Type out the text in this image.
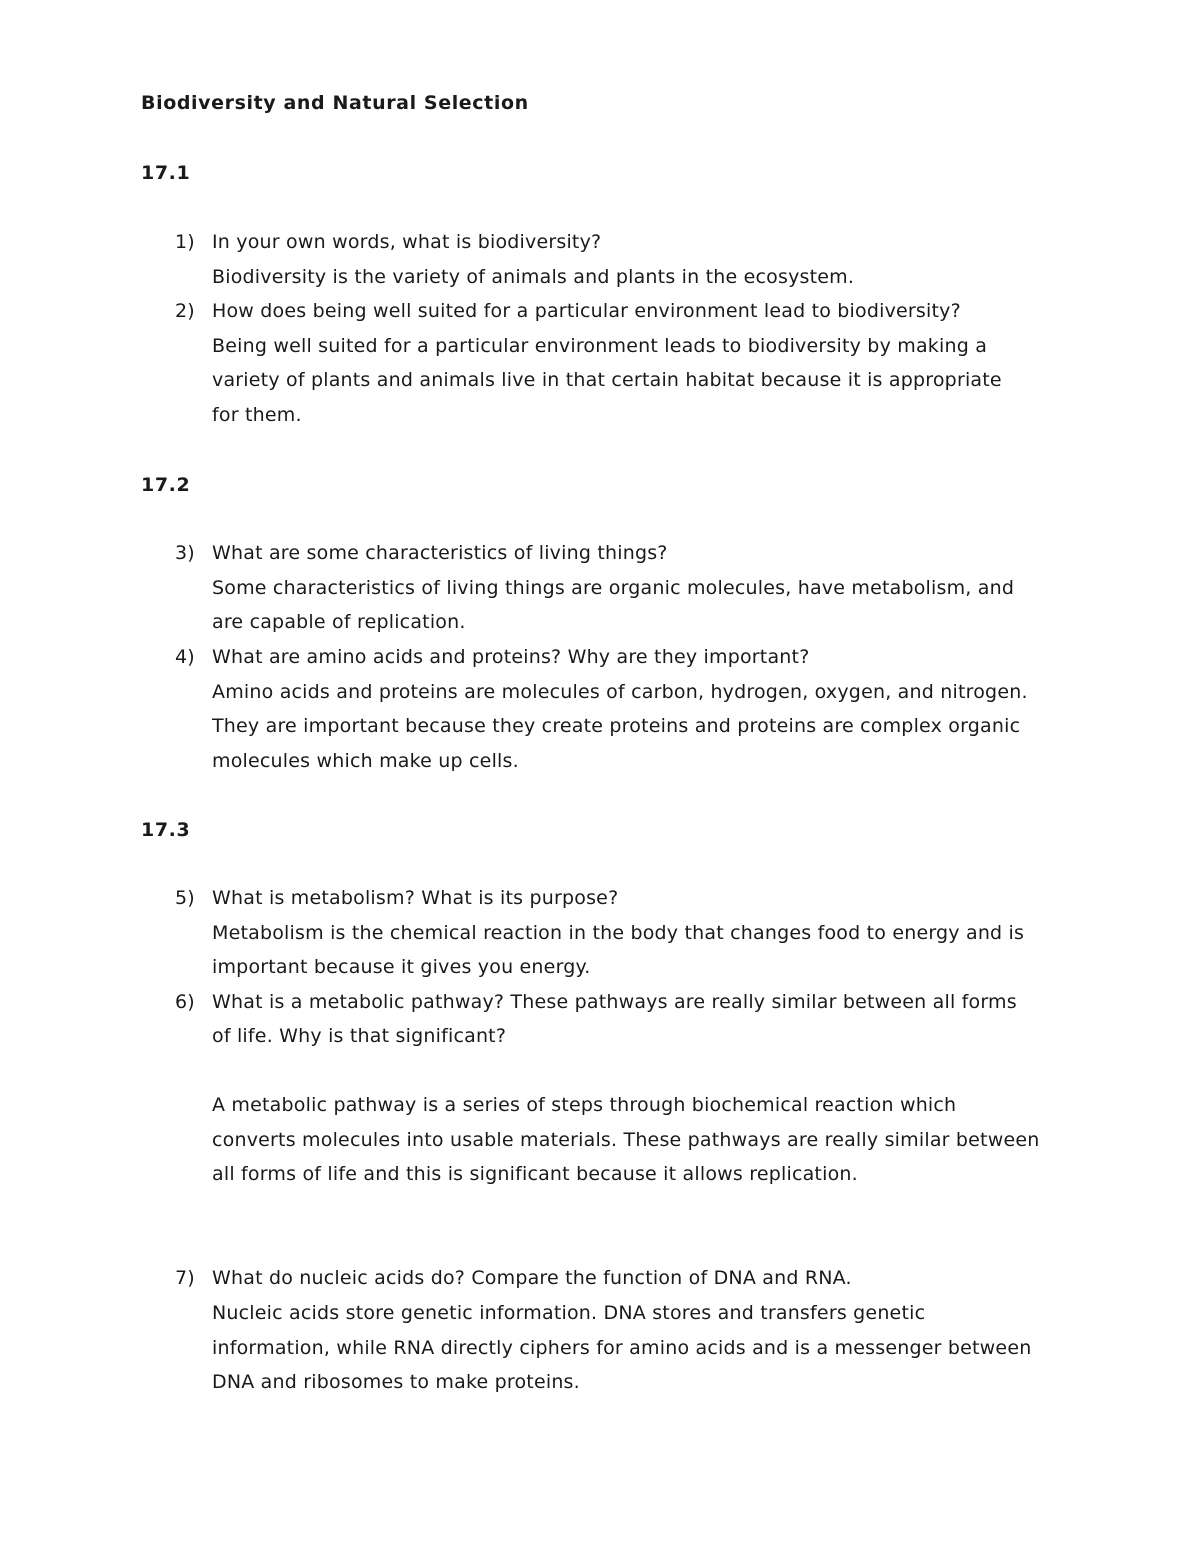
Biodiversity and Natural Selection
17.1
1) In your own words, what is biodiversity?
Biodiversity is the variety of animals and plants in the ecosystem.
2) How does being well suited for a particular environment lead to biodiversity?
Being well suited for a particular environment leads to biodiversity by making a
variety of plants and animals live in that certain habitat because it is appropriate
for them.
17.2
3) What are some characteristics of living things?
Some characteristics of living things are organic molecules, have metabolism, and
are capable of replication.
4) What are amino acids and proteins? Why are they important?
Amino acids and proteins are molecules of carbon, hydrogen, oxygen, and nitrogen.
They are important because they create proteins and proteins are complex organic
molecules which make up cells.
17.3
5) What is metabolism? What is its purpose?
Metabolism is the chemical reaction in the body that changes food to energy and is
important because it gives you energy.
6) What is a metabolic pathway? These pathways are really similar between all forms
of life. Why is that significant?
A metabolic pathway is a series of steps through biochemical reaction which
converts molecules into usable materials. These pathways are really similar between
all forms of life and this is significant because it allows replication.
7) What do nucleic acids do? Compare the function of DNA and RNA.
Nucleic acids store genetic information. DNA stores and transfers genetic
information, while RNA directly ciphers for amino acids and is a messenger between
DNA and ribosomes to make proteins.
